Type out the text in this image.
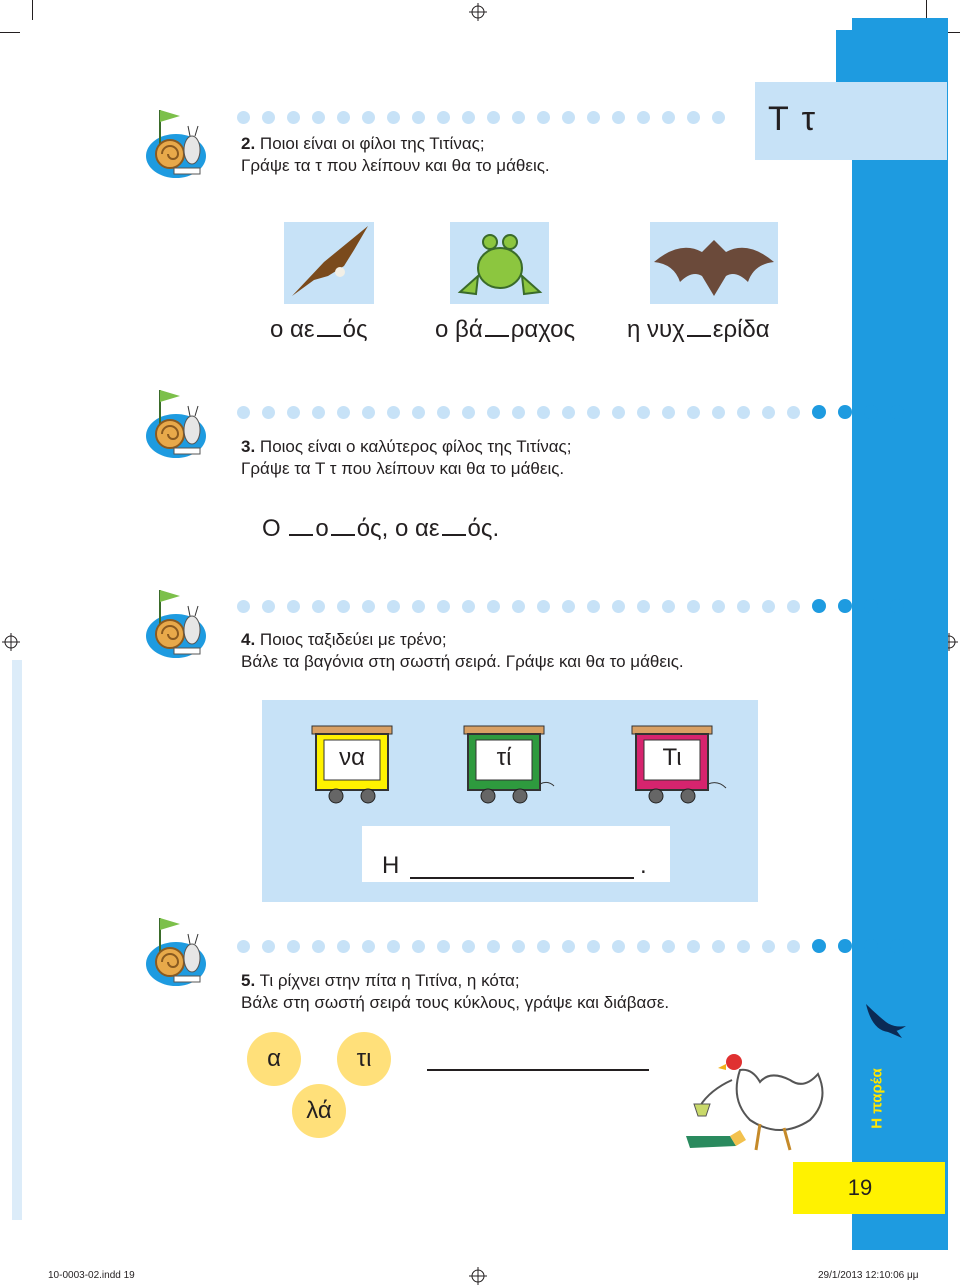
Τ τ
Η παρέα
19
2. Ποιοι είναι οι φίλοι της Τιτίνας;
Γράψε τα τ που λείπουν και θα το μάθεις.
ο αε ός	ο βά ραχος η νυχ ερίδα
3. Ποιος είναι ο καλύτερος φίλος της Τιτίνας;
Γράψε τα Τ τ που λείπουν και θα το μάθεις.
Ο ο ός, ο αε ός.
4. Ποιος ταξιδεύει με τρένο;
Βάλε τα βαγόνια στη σωστή σειρά. Γράψε και θα το μάθεις.
να	τί	Τι
Η	.
5. Τι ρίχνει στην πίτα η Τιτίνα, η κότα;
Βάλε στη σωστή σειρά τους κύκλους, γράψε και διάβασε.
α	τι
λά
10-0003-02.indd 19	29/1/2013 12:10:06 μμ
